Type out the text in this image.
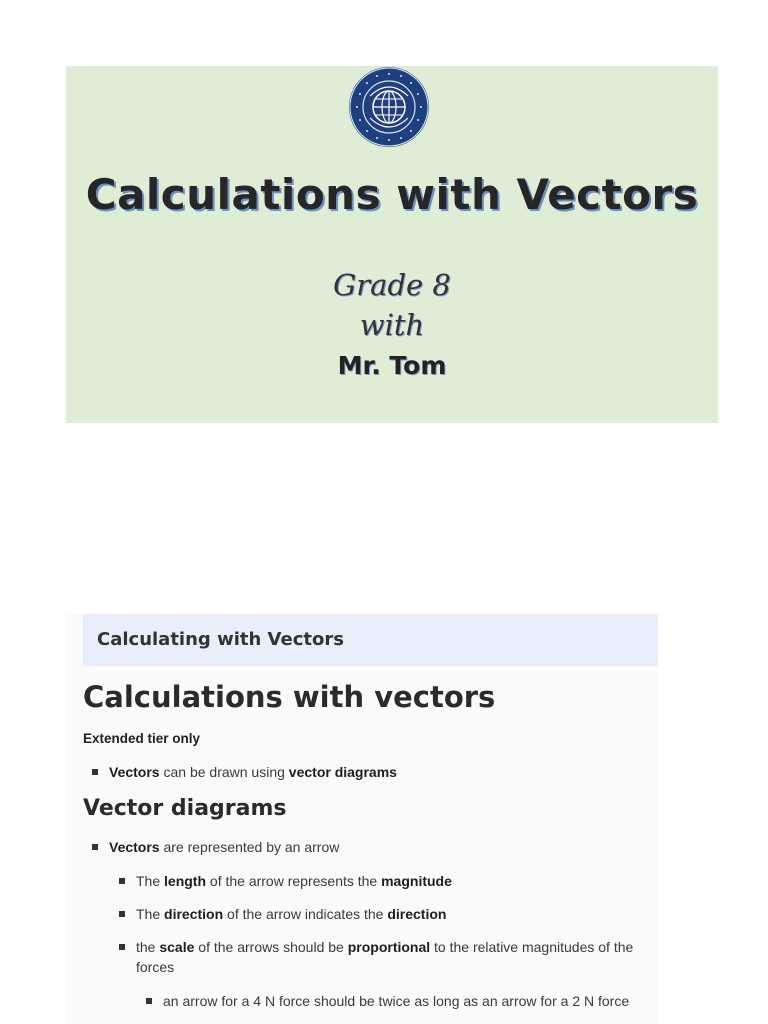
Calculations with Vectors
Grade 8
with
Mr. Tom
Calculating with Vectors
Calculations with vectors
Extended tier only
Vectors can be drawn using vector diagrams
Vector diagrams
Vectors are represented by an arrow
The length of the arrow represents the magnitude
The direction of the arrow indicates the direction
the scale of the arrows should be proportional to the relative magnitudes of the forces
an arrow for a 4 N force should be twice as long as an arrow for a 2 N force
